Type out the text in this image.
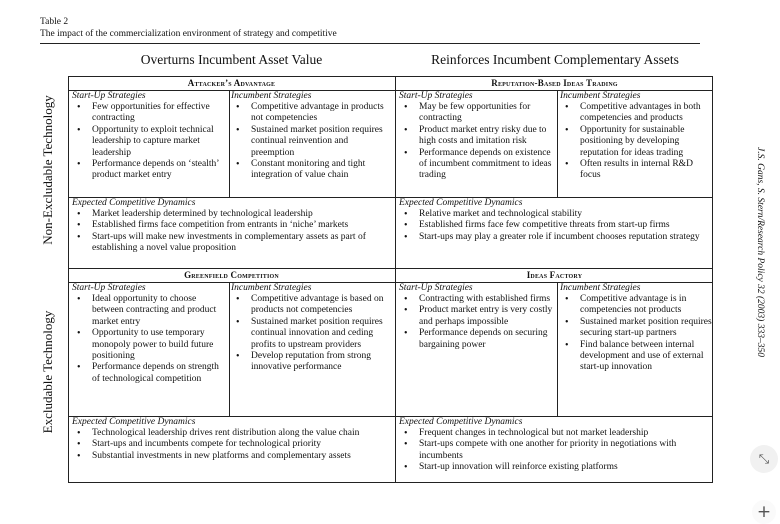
Table 2
The impact of the commercialization environment of strategy and competitive
Overturns Incumbent Asset Value	Reinforces Incumbent Complementary Assets
Non-Excludable Technology
Excludable Technology
J.S. Gans, S. Stern/Research Policy 32 (2003) 333–350
Attacker’s Advantage
Start-Up Strategies
• Few opportunities for effective contracting
• Opportunity to exploit technical leadership to capture market leadership
• Performance depends on ‘stealth’ product market entry
Incumbent Strategies
• Competitive advantage in products not competencies
• Sustained market position requires continual reinvention and preemption
• Constant monitoring and tight integration of value chain
Expected Competitive Dynamics
• Market leadership determined by technological leadership
• Established firms face competition from entrants in ‘niche’ markets
• Start-ups will make new investments in complementary assets as part of establishing a novel value proposition
Reputation-Based Ideas Trading
Start-Up Strategies
• May be few opportunities for contracting
• Product market entry risky due to high costs and imitation risk
• Performance depends on existence of incumbent commitment to ideas trading
Incumbent Strategies
• Competitive advantages in both competencies and products
• Opportunity for sustainable positioning by developing reputation for ideas trading
• Often results in internal R&D focus
Expected Competitive Dynamics
• Relative market and technological stability
• Established firms face few competitive threats from start-up firms
• Start-ups may play a greater role if incumbent chooses reputation strategy
Greenfield Competition
Start-Up Strategies
• Ideal opportunity to choose between contracting and product market entry
• Opportunity to use temporary monopoly power to build future positioning
• Performance depends on strength of technological competition
Incumbent Strategies
• Competitive advantage is based on products not competencies
• Sustained market position requires continual innovation and ceding profits to upstream providers
• Develop reputation from strong innovative performance
Expected Competitive Dynamics
• Technological leadership drives rent distribution along the value chain
• Start-ups and incumbents compete for technological priority
• Substantial investments in new platforms and complementary assets
Ideas Factory
Start-Up Strategies
• Contracting with established firms
• Product market entry is very costly and perhaps impossible
• Performance depends on securing bargaining power
Incumbent Strategies
• Competitive advantage is in competencies not products
• Sustained market position requires securing start-up partners
• Find balance between internal development and use of external start-up innovation
Expected Competitive Dynamics
• Frequent changes in technological but not market leadership
• Start-ups compete with one another for priority in negotiations with incumbents
• Start-up innovation will reinforce existing platforms
⤡
+
